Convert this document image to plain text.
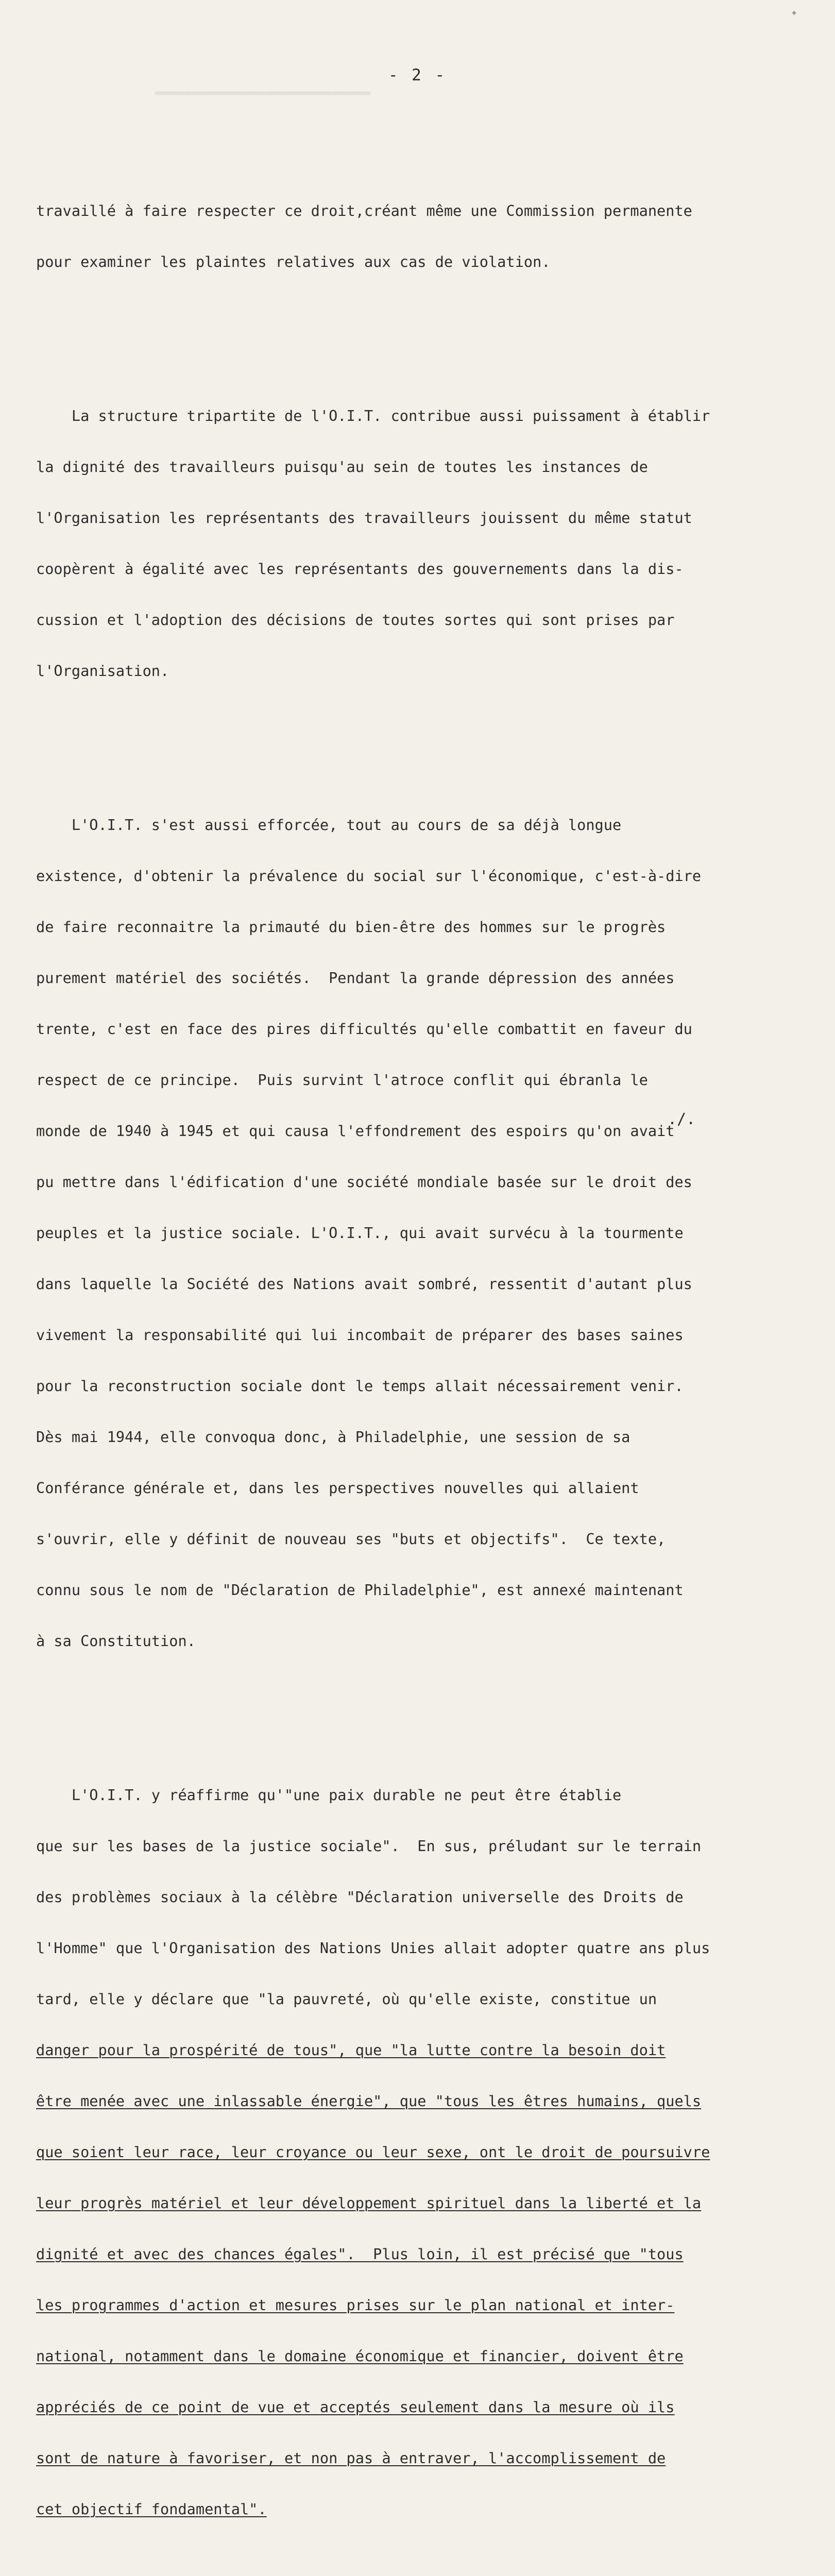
▬▬▬▬▬▬▬▬▬▬▬▬▬▬▬▬▬▬▬▬▬▬▬▬▬▬▬▬▬
✦
- 2 -

travaillé à faire respecter ce droit,créant même une Commission permanente

pour examiner les plaintes relatives aux cas de violation.

La structure tripartite de l'O.I.T. contribue aussi puissament à établir

la dignité des travailleurs puisqu'au sein de toutes les instances de

l'Organisation les représentants des travailleurs jouissent du même statut

coopèrent à égalité avec les représentants des gouvernements dans la dis-

cussion et l'adoption des décisions de toutes sortes qui sont prises par

l'Organisation.

L'O.I.T. s'est aussi efforcée, tout au cours de sa déjà longue

existence, d'obtenir la prévalence du social sur l'économique, c'est-à-dire

de faire reconnaitre la primauté du bien-être des hommes sur le progrès

purement matériel des sociétés.  Pendant la grande dépression des années

trente, c'est en face des pires difficultés qu'elle combattit en faveur du

respect de ce principe.  Puis survint l'atroce conflit qui ébranla le

monde de 1940 à 1945 et qui causa l'effondrement des espoirs qu'on avait

pu mettre dans l'édification d'une société mondiale basée sur le droit des

peuples et la justice sociale. L'O.I.T., qui avait survécu à la tourmente

dans laquelle la Société des Nations avait sombré, ressentit d'autant plus

vivement la responsabilité qui lui incombait de préparer des bases saines

pour la reconstruction sociale dont le temps allait nécessairement venir.

Dès mai 1944, elle convoqua donc, à Philadelphie, une session de sa

Conférance générale et, dans les perspectives nouvelles qui allaient

s'ouvrir, elle y définit de nouveau ses "buts et objectifs".  Ce texte,

connu sous le nom de "Déclaration de Philadelphie", est annexé maintenant

à sa Constitution.

L'O.I.T. y réaffirme qu'"une paix durable ne peut être établie

que sur les bases de la justice sociale".  En sus, préludant sur le terrain

des problèmes sociaux à la célèbre "Déclaration universelle des Droits de

l'Homme" que l'Organisation des Nations Unies allait adopter quatre ans plus

tard, elle y déclare que "la pauvreté, où qu'elle existe, constitue un

danger pour la prospérité de tous", que "la lutte contre la besoin doit

être menée avec une inlassable énergie", que "tous les êtres humains, quels

que soient leur race, leur croyance ou leur sexe, ont le droit de poursuivre

leur progrès matériel et leur développement spirituel dans la liberté et la

dignité et avec des chances égales".  Plus loin, il est précisé que "tous

les programmes d'action et mesures prises sur le plan national et inter-

national, notamment dans le domaine économique et financier, doivent être

appréciés de ce point de vue et acceptés seulement dans la mesure où ils

sont de nature à favoriser, et non pas à entraver, l'accomplissement de

cet objectif fondamental".

./.
